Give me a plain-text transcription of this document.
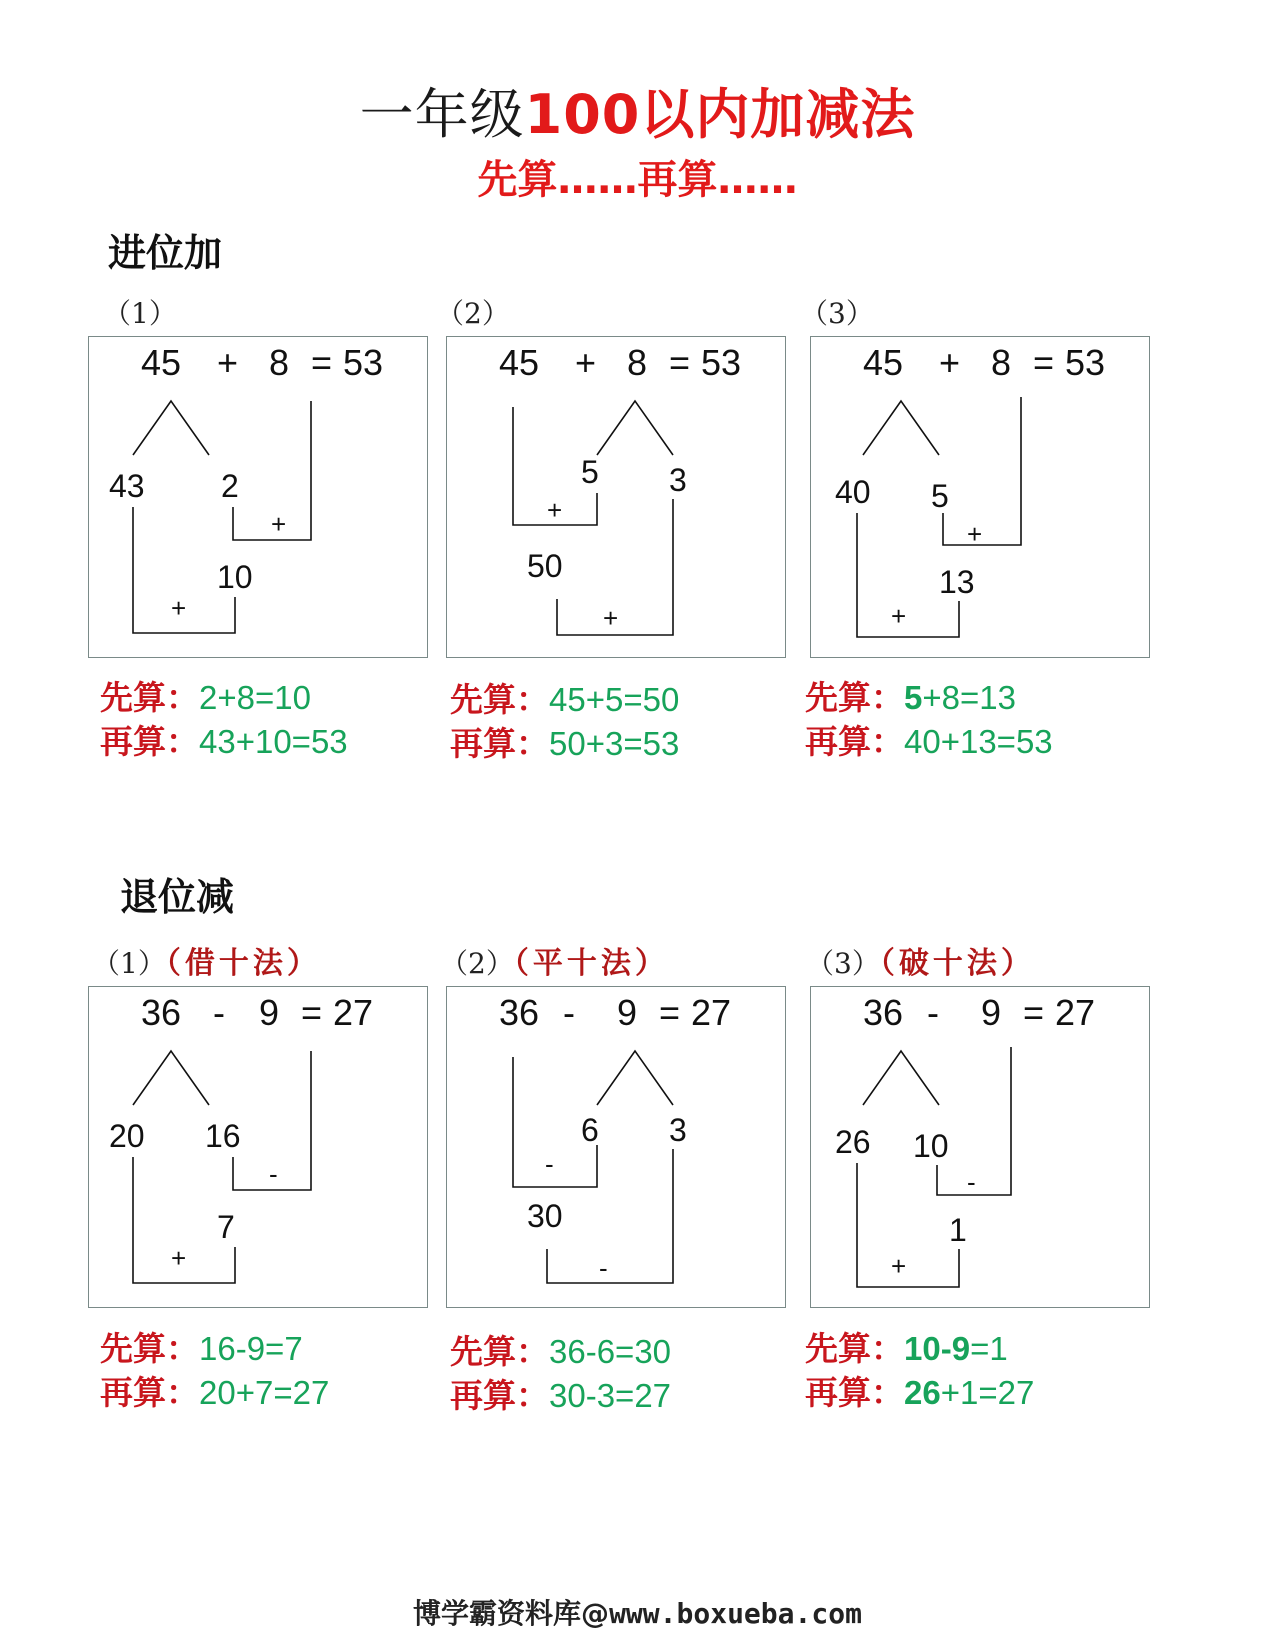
一年级100以内加减法
先算……再算……
进位加
（1）	（2）	（3）
45 + 8 = 53
43 2
+
10
+
45 + 8 = 53
5 3
+
50
+
45 + 8 = 53
40 5
+
13
+
先算：2+8=10
再算：43+10=53
先算：45+5=50
再算：50+3=53
先算：5+8=13
再算：40+13=53
退位减
（1）（借十法）	（2）（平十法）	（3）（破十法）
36 - 9 = 27
20 16
-
7
+
36 - 9 = 27
6 3
-
30
-
36 - 9 = 27
26 10
-
1
+
先算：16-9=7
再算：20+7=27
先算：36-6=30
再算：30-3=27
先算：10-9=1
再算：26+1=27
博学霸资料库@www.boxueba.com
